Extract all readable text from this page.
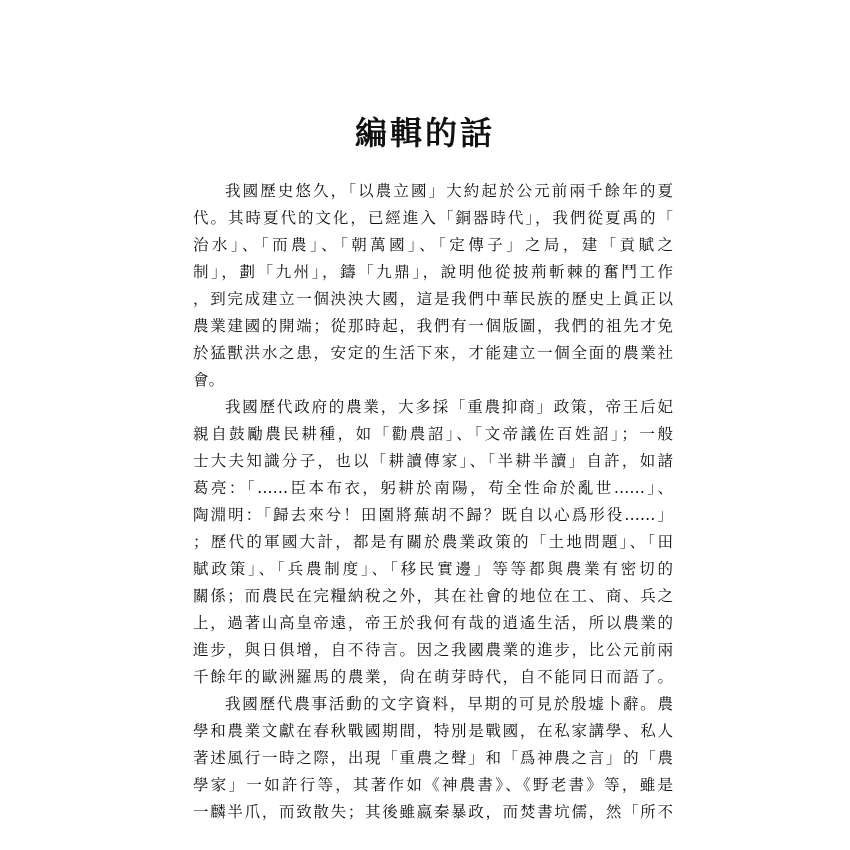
編輯的話
我國歷史悠久，「以農立國」大約起於公元前兩千餘年的夏
代。其時夏代的文化，已經進入「銅器時代」，我們從夏禹的「
治水」、「而農」、「朝萬國」、「定傳子」之局，建「貢賦之
制」，劃「九州」，鑄「九鼎」，說明他從披荊斬棘的奮鬥工作
，到完成建立一個泱泱大國，這是我們中華民族的歷史上眞正以
農業建國的開端；從那時起，我們有一個版圖，我們的祖先才免
於猛獸洪水之患，安定的生活下來，才能建立一個全面的農業社
會。
我國歷代政府的農業，大多採「重農抑商」政策，帝王后妃
親自鼓勵農民耕種，如「勸農詔」、「文帝議佐百姓詔」；一般
士大夫知識分子，也以「耕讀傳家」、「半耕半讀」自許，如諸
葛亮：「……臣本布衣，躬耕於南陽，苟全性命於亂世……」、
陶淵明：「歸去來兮！田園將蕪胡不歸？既自以心爲形役……」
；歷代的軍國大計，都是有關於農業政策的「土地問題」、「田
賦政策」、「兵農制度」、「移民實邊」等等都與農業有密切的
關係；而農民在完糧納稅之外，其在社會的地位在工、商、兵之
上，過著山高皇帝遠，帝王於我何有哉的逍遙生活，所以農業的
進步，與日俱增，自不待言。因之我國農業的進步，比公元前兩
千餘年的歐洲羅馬的農業，尙在萌芽時代，自不能同日而語了。
我國歷代農事活動的文字資料，早期的可見於殷墟卜辭。農
學和農業文獻在春秋戰國期間，特別是戰國，在私家講學、私人
著述風行一時之際，出現「重農之聲」和「爲神農之言」的「農
學家」一如許行等，其著作如《神農書》、《野老書》等，雖是
一麟半爪，而致散失；其後雖嬴秦暴政，而焚書坑儒，然「所不
